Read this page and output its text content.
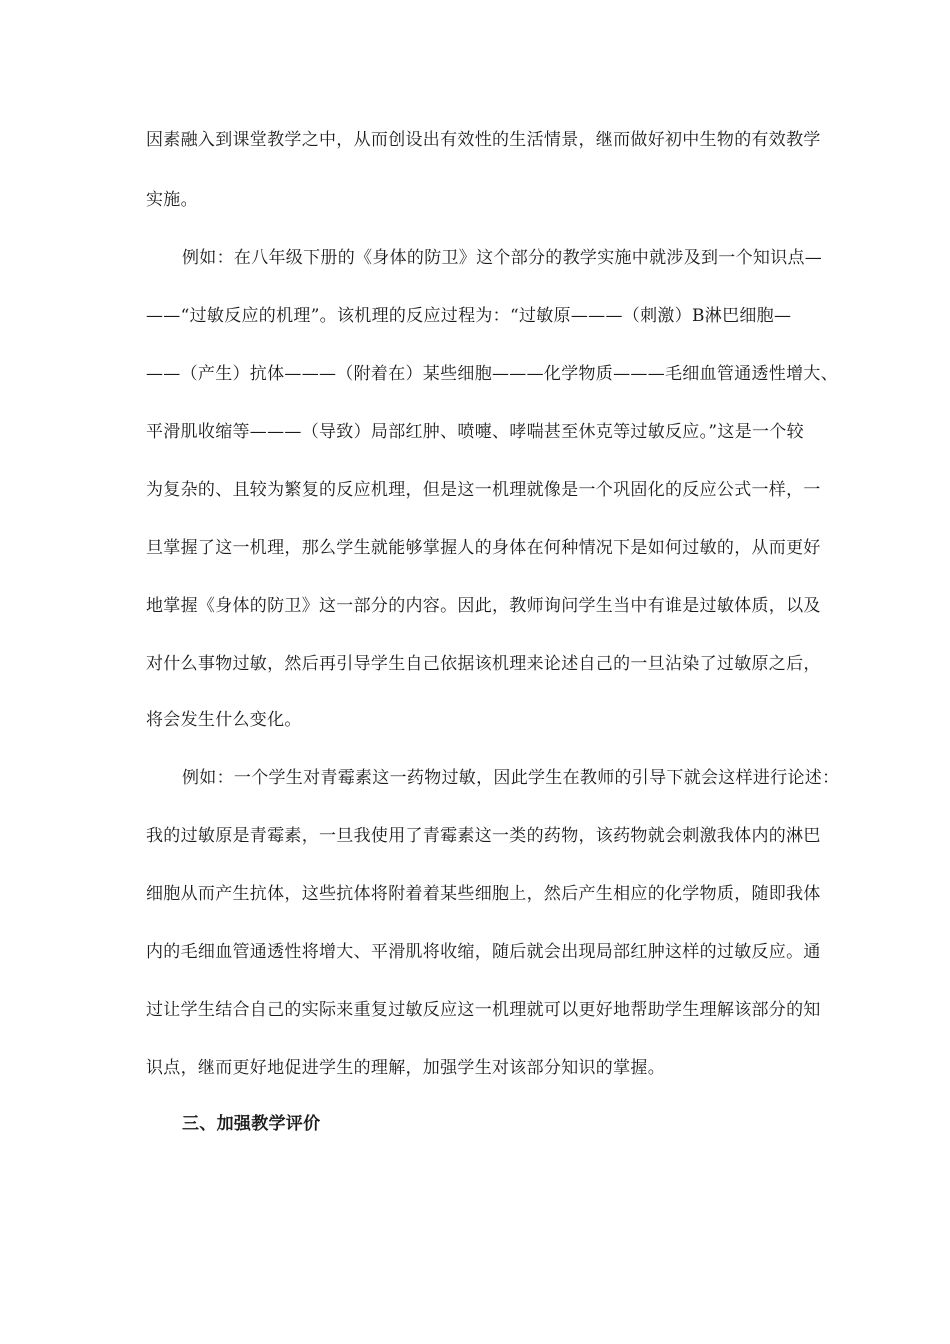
因素融入到课堂教学之中，从而创设出有效性的生活情景，继而做好初中生物的有效教学
实施。
例如：在八年级下册的《身体的防卫》这个部分的教学实施中就涉及到一个知识点—
——“过敏反应的机理”。该机理的反应过程为：“过敏原———（刺激）B淋巴细胞—
——（产生）抗体———（附着在）某些细胞———化学物质———毛细血管通透性增大、
平滑肌收缩等———（导致）局部红肿、喷嚏、哮喘甚至休克等过敏反应。”这是一个较
为复杂的、且较为繁复的反应机理，但是这一机理就像是一个巩固化的反应公式一样，一
旦掌握了这一机理，那么学生就能够掌握人的身体在何种情况下是如何过敏的，从而更好
地掌握《身体的防卫》这一部分的内容。因此，教师询问学生当中有谁是过敏体质，以及
对什么事物过敏，然后再引导学生自己依据该机理来论述自己的一旦沾染了过敏原之后，
将会发生什么变化。
例如：一个学生对青霉素这一药物过敏，因此学生在教师的引导下就会这样进行论述：
我的过敏原是青霉素，一旦我使用了青霉素这一类的药物，该药物就会刺激我体内的淋巴
细胞从而产生抗体，这些抗体将附着着某些细胞上，然后产生相应的化学物质，随即我体
内的毛细血管通透性将增大、平滑肌将收缩，随后就会出现局部红肿这样的过敏反应。通
过让学生结合自己的实际来重复过敏反应这一机理就可以更好地帮助学生理解该部分的知
识点，继而更好地促进学生的理解，加强学生对该部分知识的掌握。
三、加强教学评价
